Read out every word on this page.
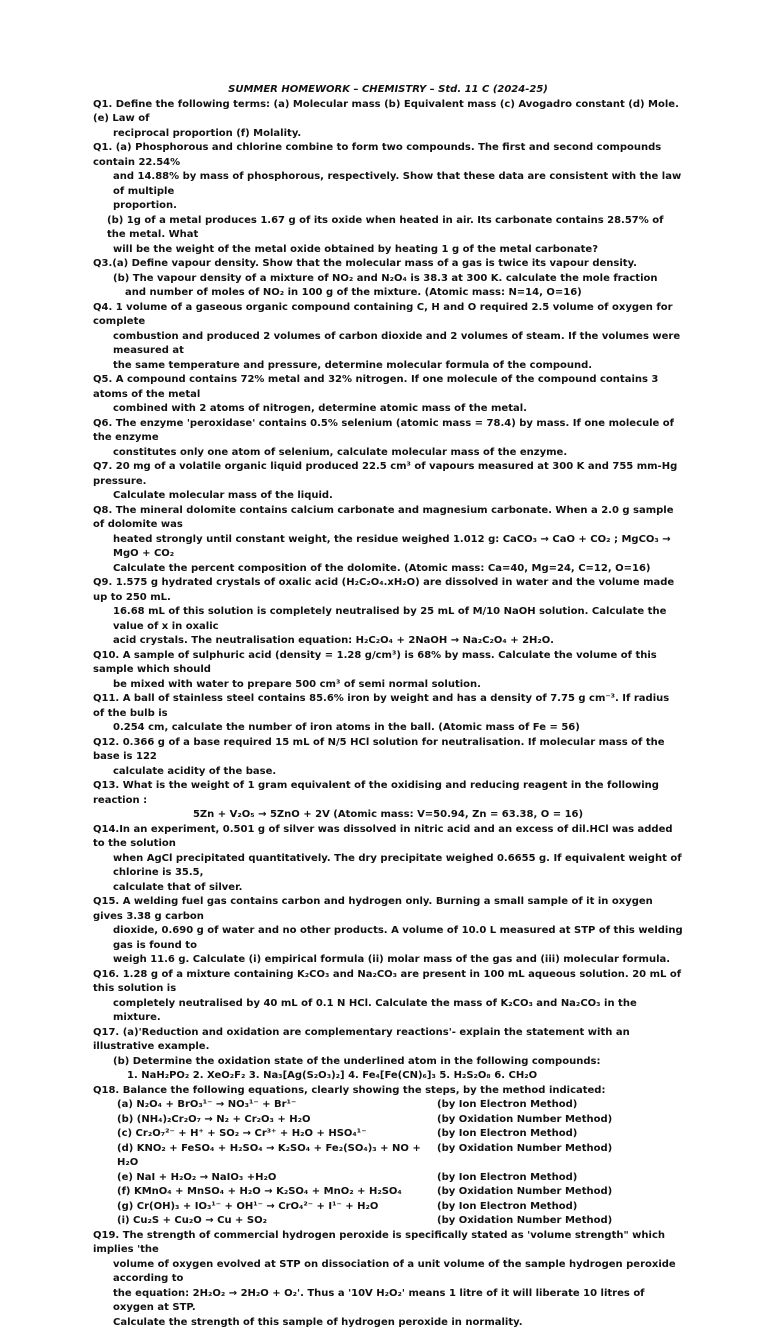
SUMMER HOMEWORK – CHEMISTRY – Std. 11 C (2024-25)

Q1. Define the following terms: (a) Molecular mass (b) Equivalent mass (c) Avogadro constant (d) Mole. (e) Law of

reciprocal proportion (f) Molality.

Q1. (a) Phosphorous and chlorine combine to form two compounds. The first and second compounds contain 22.54%

and 14.88% by mass of phosphorous, respectively. Show that these data are consistent with the law of multiple

proportion.

(b) 1g of a metal produces 1.67 g of its oxide when heated in air. Its carbonate contains 28.57% of the metal. What

will be the weight of the metal oxide obtained by heating 1 g of the metal carbonate?

Q3.(a) Define vapour density. Show that the molecular mass of a gas is twice its vapour density.

(b) The vapour density of a mixture of NO₂ and N₂O₄ is 38.3 at 300 K. calculate the mole fraction

and number of moles of NO₂ in 100 g of the mixture. (Atomic mass: N=14, O=16)

Q4. 1 volume of a gaseous organic compound containing C, H and O required 2.5 volume of oxygen for complete

combustion and produced 2 volumes of carbon dioxide and 2 volumes of steam. If the volumes were measured at

the same temperature and pressure, determine molecular formula of the compound.

Q5. A compound contains 72% metal and 32% nitrogen. If one molecule of the compound contains 3 atoms of the metal

combined with 2 atoms of nitrogen, determine atomic mass of the metal.

Q6. The enzyme 'peroxidase' contains 0.5% selenium (atomic mass = 78.4) by mass. If one molecule of the enzyme

constitutes only one atom of selenium, calculate molecular mass of the enzyme.

Q7. 20 mg of a volatile organic liquid produced 22.5 cm³ of vapours measured at 300 K and 755 mm-Hg pressure.

Calculate molecular mass of the liquid.

Q8. The mineral dolomite contains calcium carbonate and magnesium carbonate. When a 2.0 g sample of dolomite was

heated strongly until constant weight, the residue weighed 1.012 g: CaCO₃ → CaO + CO₂ ; MgCO₃ → MgO + CO₂

Calculate the percent composition of the dolomite. (Atomic mass: Ca=40, Mg=24, C=12, O=16)

Q9. 1.575 g hydrated crystals of oxalic acid (H₂C₂O₄.xH₂O) are dissolved in water and the volume made up to 250 mL.

16.68 mL of this solution is completely neutralised by 25 mL of M/10 NaOH solution. Calculate the value of x in oxalic

acid crystals. The neutralisation equation: H₂C₂O₄ + 2NaOH → Na₂C₂O₄ + 2H₂O.

Q10. A sample of sulphuric acid (density = 1.28 g/cm³) is 68% by mass. Calculate the volume of this sample which should

be mixed with water to prepare 500 cm³ of semi normal solution.

Q11. A ball of stainless steel contains 85.6% iron by weight and has a density of 7.75 g cm⁻³. If radius of the bulb is

0.254 cm, calculate the number of iron atoms in the ball. (Atomic mass of Fe = 56)

Q12. 0.366 g of a base required 15 mL of N/5 HCl solution for neutralisation. If molecular mass of the base is 122

calculate acidity of the base.

Q13. What is the weight of 1 gram equivalent of the oxidising and reducing reagent in the following reaction :

5Zn + V₂O₅ → 5ZnO + 2V (Atomic mass: V=50.94, Zn = 63.38, O = 16)

Q14.In an experiment, 0.501 g of silver was dissolved in nitric acid and an excess of dil.HCl was added to the solution

when AgCl precipitated quantitatively. The dry precipitate weighed 0.6655 g. If equivalent weight of chlorine is 35.5,

calculate that of silver.

Q15. A welding fuel gas contains carbon and hydrogen only. Burning a small sample of it in oxygen gives 3.38 g carbon

dioxide, 0.690 g of water and no other products. A volume of 10.0 L measured at STP of this welding gas is found to

weigh 11.6 g. Calculate (i) empirical formula (ii) molar mass of the gas and (iii) molecular formula.

Q16. 1.28 g of a mixture containing K₂CO₃ and Na₂CO₃ are present in 100 mL aqueous solution. 20 mL of this solution is

completely neutralised by 40 mL of 0.1 N HCl. Calculate the mass of K₂CO₃ and Na₂CO₃ in the mixture.

Q17. (a)'Reduction and oxidation are complementary reactions'- explain the statement with an illustrative example.

(b) Determine the oxidation state of the underlined atom in the following compounds:

1. NaH₂PO₂ 2. XeO₂F₂ 3. Na₃[Ag(S₂O₃)₂] 4. Fe₄[Fe(CN)₆]₃ 5. H₂S₂O₈ 6. CH₂O

Q18. Balance the following equations, clearly showing the steps, by the method indicated:

(a) N₂O₄ + BrO₃¹⁻ → NO₃¹⁻ + Br¹⁻	(by Ion Electron Method)
(b) (NH₄)₂Cr₂O₇ → N₂ + Cr₂O₃ + H₂O	(by Oxidation Number Method)
(c) Cr₂O₇²⁻ + H⁺ + SO₂ → Cr³⁺ + H₂O + HSO₄¹⁻	(by Ion Electron Method)
(d) KNO₂ + FeSO₄ + H₂SO₄ → K₂SO₄ + Fe₂(SO₄)₃ + NO + H₂O
(by Oxidation Number Method)
(e) NaI + H₂O₂ → NaIO₃ +H₂O	(by Ion Electron Method)
(f) KMnO₄ + MnSO₄ + H₂O → K₂SO₄ + MnO₂ + H₂SO₄	(by Oxidation Number Method)
(g) Cr(OH)₃ + IO₃¹⁻ + OH¹⁻ → CrO₄²⁻ + I¹⁻ + H₂O	(by Ion Electron Method)
(i) Cu₂S + Cu₂O → Cu + SO₂	(by Oxidation Number Method)

Q19. The strength of commercial hydrogen peroxide is specifically stated as 'volume strength" which implies 'the

volume of oxygen evolved at STP on dissociation of a unit volume of the sample hydrogen peroxide according to

the equation: 2H₂O₂ → 2H₂O + O₂'. Thus a '10V H₂O₂' means 1 litre of it will liberate 10 litres of oxygen at STP.

Calculate the strength of this sample of hydrogen peroxide in normality.
